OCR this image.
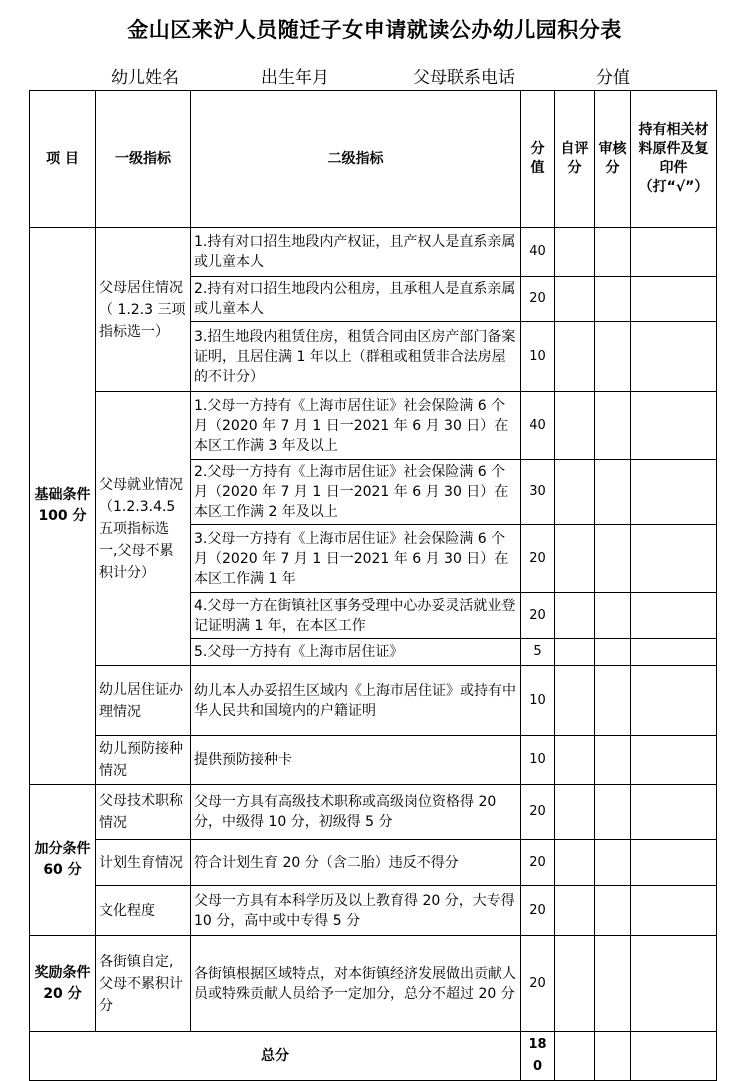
金山区来沪人员随迁子女申请就读公办幼儿园积分表
幼儿姓名	出生年月	父母联系电话	分值
项 目	一级指标	二级指标	分值	自评分	审核分	持有相关材料原件及复印件（打“√”）
基础条件 100 分	父母居住情况（ 1.2.3 三项指标选一）	1.持有对口招生地段内产权证，且产权人是直系亲属或儿童本人	40			
		2.持有对口招生地段内公租房，且承租人是直系亲属或儿童本人	20			
		3.招生地段内租赁住房，租赁合同由区房产部门备案证明，且居住满 1 年以上（群租或租赁非合法房屋的不计分）	10			
	父母就业情况（1.2.3.4.5 五项指标选一,父母不累积计分）	1.父母一方持有《上海市居住证》社会保险满 6 个月（2020 年 7 月 1 日一2021 年 6 月 30 日）在本区工作满 3 年及以上	40			
		2.父母一方持有《上海市居住证》社会保险满 6 个月（2020 年 7 月 1 日一2021 年 6 月 30 日）在本区工作满 2 年及以上	30			
		3.父母一方持有《上海市居住证》社会保险满 6 个月（2020 年 7 月 1 日一2021 年 6 月 30 日）在本区工作满 1 年	20			
		4.父母一方在街镇社区事务受理中心办妥灵活就业登记证明满 1 年，在本区工作	20			
		5.父母一方持有《上海市居住证》	5			
	幼儿居住证办理情况	幼儿本人办妥招生区域内《上海市居住证》或持有中华人民共和国境内的户籍证明	10			
	幼儿预防接种情况	提供预防接种卡	10			
加分条件 60 分	父母技术职称情况	父母一方具有高级技术职称或高级岗位资格得 20 分，中级得 10 分，初级得 5 分	20			
	计划生育情况	符合计划生育 20 分（含二胎）违反不得分	20			
	文化程度	父母一方具有本科学历及以上教育得 20 分，大专得 10 分，高中或中专得 5 分	20			
奖励条件 20 分	各街镇自定,父母不累积计分	各街镇根据区域特点，对本街镇经济发展做出贡献人员或特殊贡献人员给予一定加分，总分不超过 20 分	20			
总分			180			
